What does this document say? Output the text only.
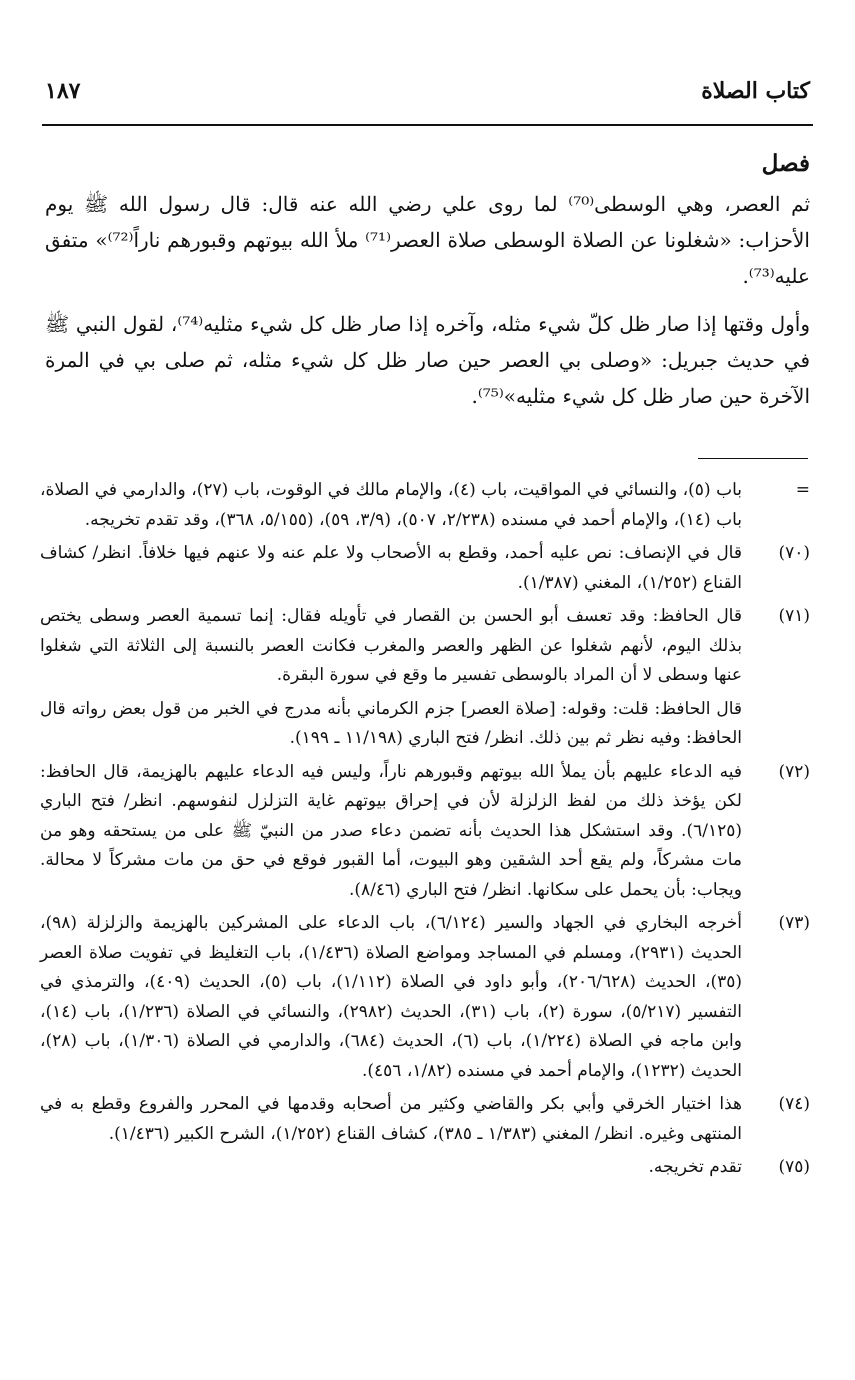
كتاب الصلاة
١٨٧
فصل

ثم العصر، وهي الوسطى⁽⁷⁰⁾ لما روى علي رضي الله عنه قال: قال رسول الله ﷺ يوم الأحزاب: «شغلونا عن الصلاة الوسطى صلاة العصر⁽⁷¹⁾ ملأ الله بيوتهم وقبورهم ناراً⁽⁷²⁾» متفق عليه⁽⁷³⁾.

وأول وقتها إذا صار ظل كلّ شيء مثله، وآخره إذا صار ظل كل شيء مثليه⁽⁷⁴⁾، لقول النبي ﷺ في حديث جبريل: «وصلى بي العصر حين صار ظل كل شيء مثله، ثم صلى بي في المرة الآخرة حين صار ظل كل شيء مثليه»⁽⁷⁵⁾.

=
باب (٥)، والنسائي في المواقيت، باب (٤)، والإمام مالك في الوقوت، باب (٢٧)، والدارمي في الصلاة، باب (١٤)، والإمام أحمد في مسنده (٢/٢٣٨، ٥٠٧)، (٣/٩، ٥٩)، (٥/١٥٥، ٣٦٨)، وقد تقدم تخريجه.
(٧٠)
قال في الإنصاف: نص عليه أحمد، وقطع به الأصحاب ولا علم عنه ولا عنهم فيها خلافاً. انظر/ كشاف القناع (١/٢٥٢)، المغني (١/٣٨٧).
(٧١)
قال الحافظ: وقد تعسف أبو الحسن بن القصار في تأويله فقال: إنما تسمية العصر وسطى يختص بذلك اليوم، لأنهم شغلوا عن الظهر والعصر والمغرب فكانت العصر بالنسبة إلى الثلاثة التي شغلوا عنها وسطى لا أن المراد بالوسطى تفسير ما وقع في سورة البقرة.
قال الحافظ: قلت: وقوله: [صلاة العصر] جزم الكرماني بأنه مدرج في الخبر من قول بعض رواته قال الحافظ: وفيه نظر ثم بين ذلك. انظر/ فتح الباري (١١/١٩٨ ـ ١٩٩).
(٧٢)
فيه الدعاء عليهم بأن يملأ الله بيوتهم وقبورهم ناراً، وليس فيه الدعاء عليهم بالهزيمة، قال الحافظ: لكن يؤخذ ذلك من لفظ الزلزلة لأن في إحراق بيوتهم غاية التزلزل لنفوسهم. انظر/ فتح الباري (٦/١٢٥). وقد استشكل هذا الحديث بأنه تضمن دعاء صدر من النبيّ ﷺ على من يستحقه وهو من مات مشركاً، ولم يقع أحد الشقين وهو البيوت، أما القبور فوقع في حق من مات مشركاً لا محالة. ويجاب: بأن يحمل على سكانها. انظر/ فتح الباري (٨/٤٦).
(٧٣)
أخرجه البخاري في الجهاد والسير (٦/١٢٤)، باب الدعاء على المشركين بالهزيمة والزلزلة (٩٨)، الحديث (٢٩٣١)، ومسلم في المساجد ومواضع الصلاة (١/٤٣٦)، باب التغليظ في تفويت صلاة العصر (٣٥)، الحديث (٢٠٦/٦٢٨)، وأبو داود في الصلاة (١/١١٢)، باب (٥)، الحديث (٤٠٩)، والترمذي في التفسير (٥/٢١٧)، سورة (٢)، باب (٣١)، الحديث (٢٩٨٢)، والنسائي في الصلاة (١/٢٣٦)، باب (١٤)، وابن ماجه في الصلاة (١/٢٢٤)، باب (٦)، الحديث (٦٨٤)، والدارمي في الصلاة (١/٣٠٦)، باب (٢٨)، الحديث (١٢٣٢)، والإمام أحمد في مسنده (١/٨٢، ٤٥٦).
(٧٤)
هذا اختيار الخرقي وأبي بكر والقاضي وكثير من أصحابه وقدمها في المحرر والفروع وقطع به في المنتهى وغيره. انظر/ المغني (١/٣٨٣ ـ ٣٨٥)، كشاف القناع (١/٢٥٢)، الشرح الكبير (١/٤٣٦).
(٧٥)
تقدم تخريجه.
